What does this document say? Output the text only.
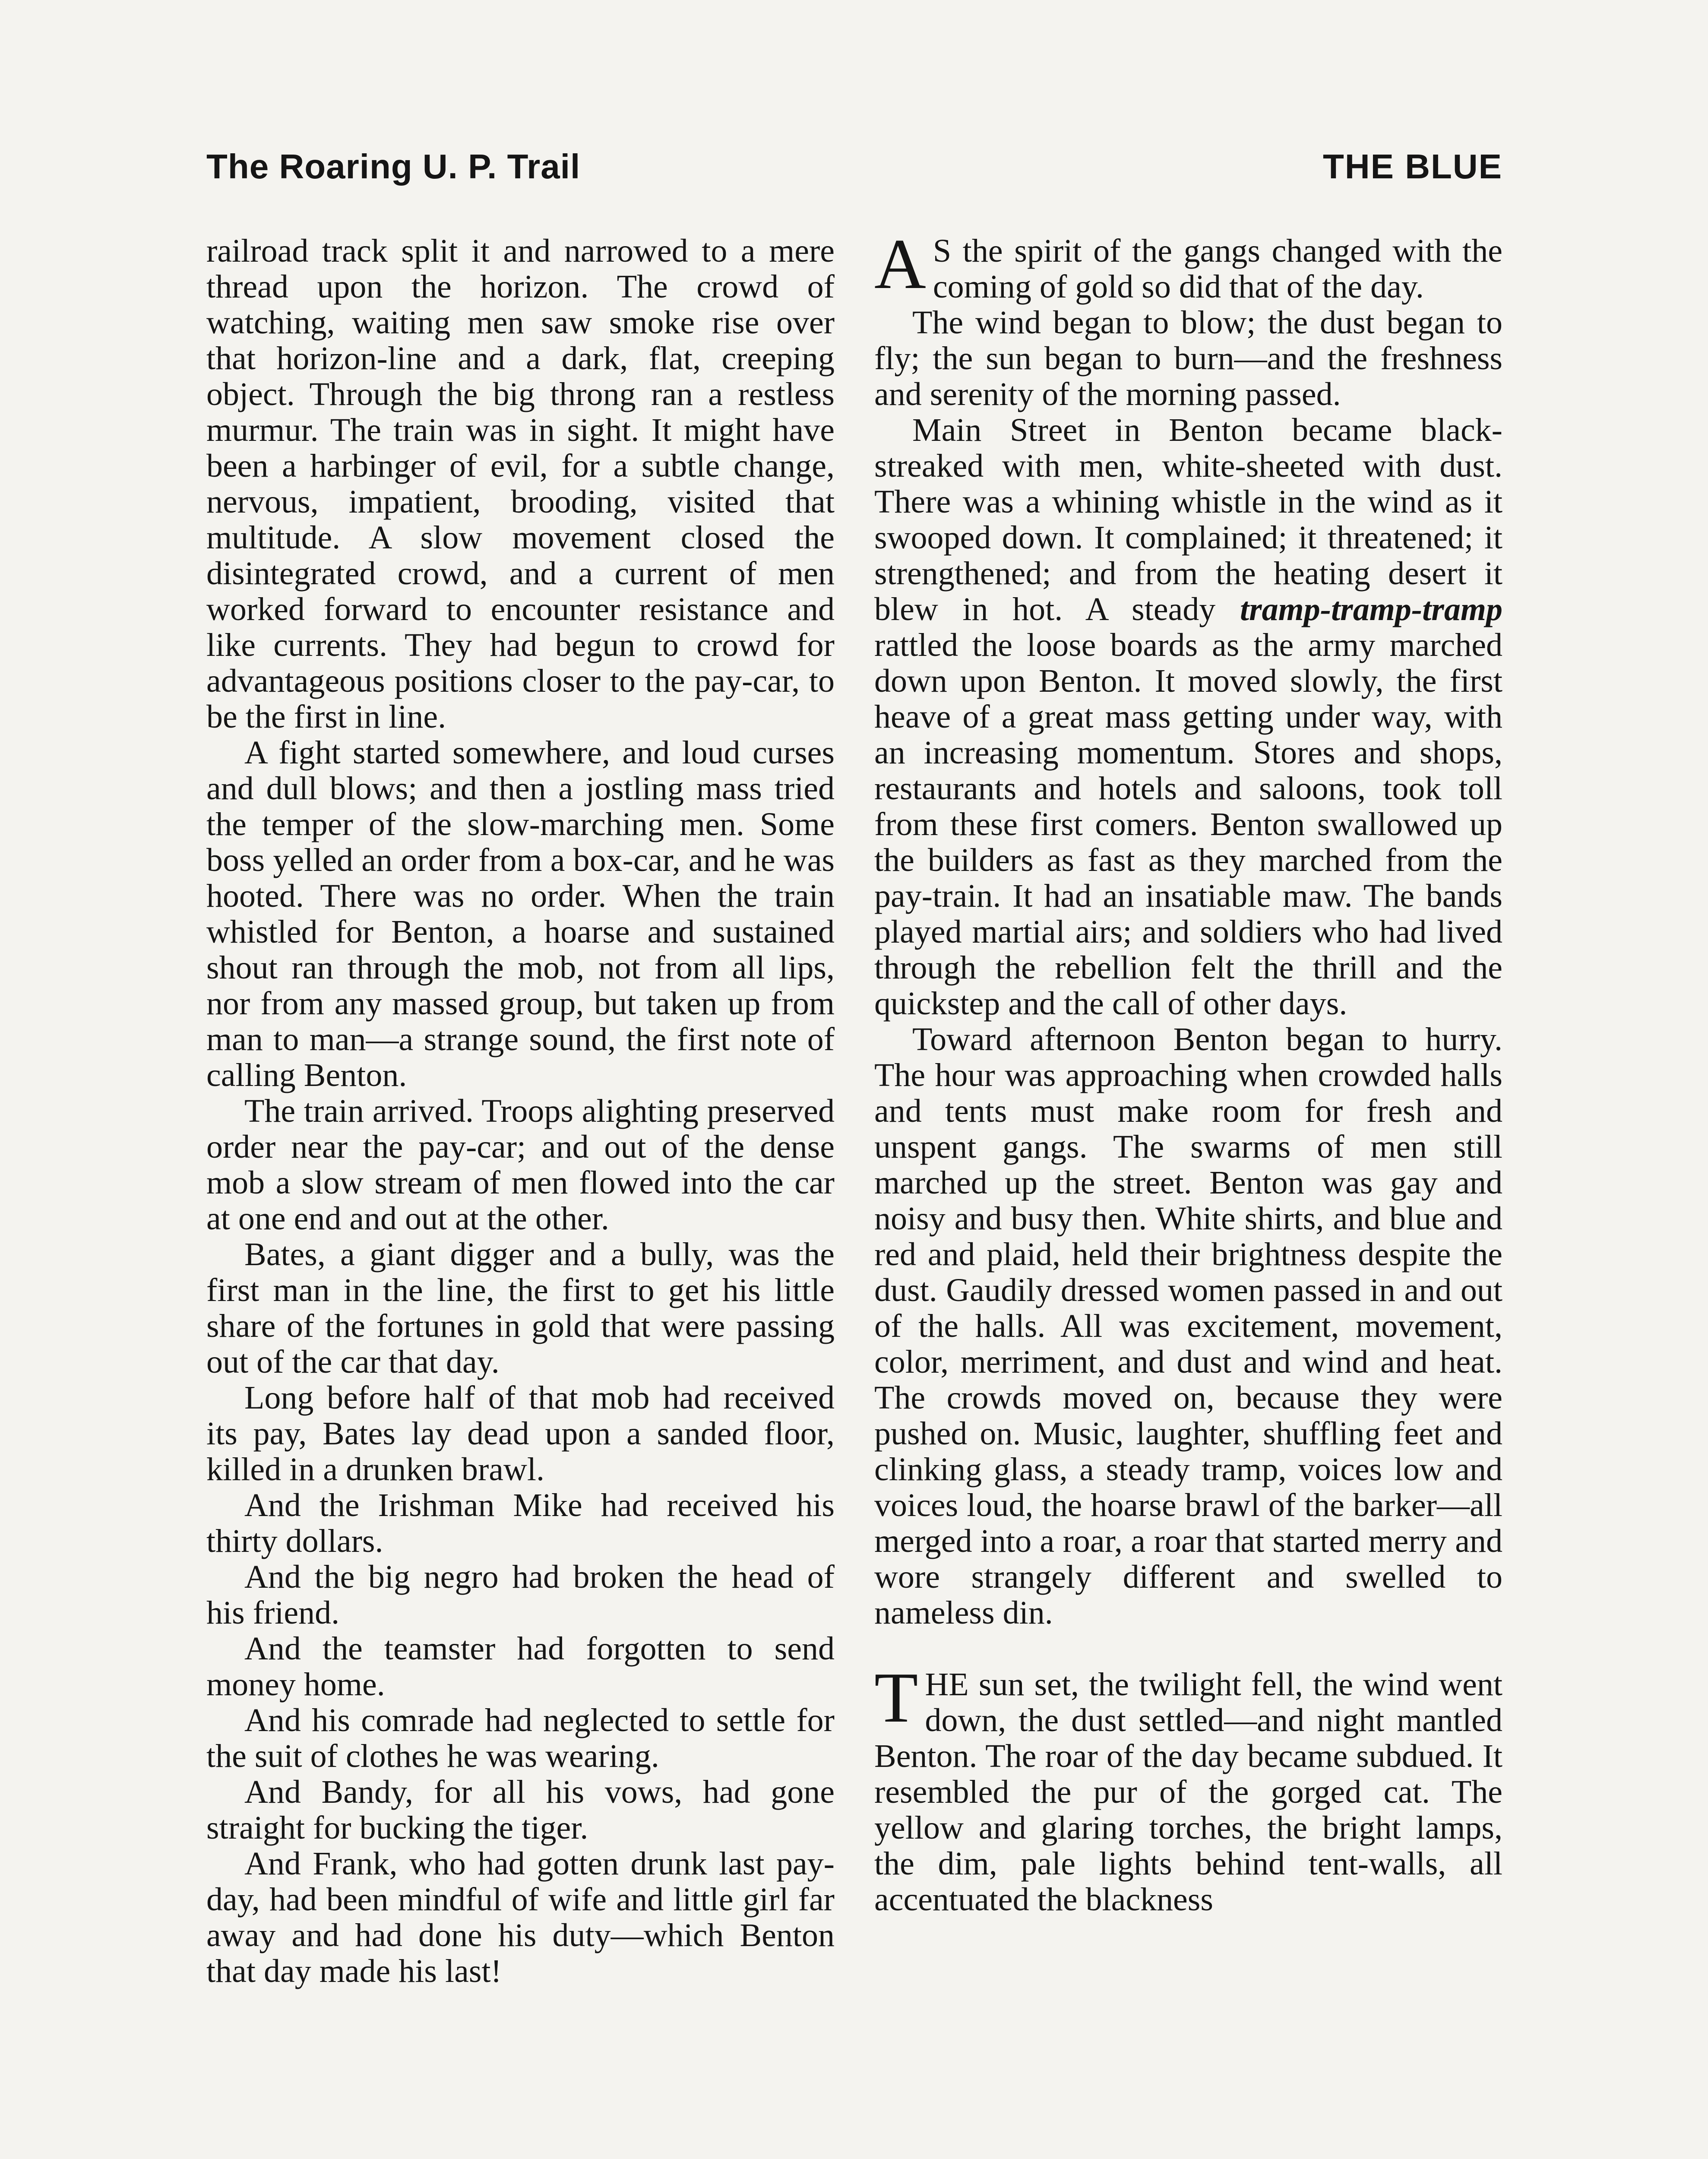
The Roaring U. P. Trail	THE BLUE

railroad track split it and narrowed to a mere thread upon the horizon. The crowd of watching, waiting men saw smoke rise over that horizon-line and a dark, flat, creeping object. Through the big throng ran a restless murmur. The train was in sight. It might have been a harbinger of evil, for a subtle change, nervous, impatient, brooding, visited that multitude. A slow movement closed the disintegrated crowd, and a current of men worked forward to encounter resistance and like currents. They had begun to crowd for advantageous positions closer to the pay-car, to be the first in line.

A fight started somewhere, and loud curses and dull blows; and then a jostling mass tried the temper of the slow-marching men. Some boss yelled an order from a box-car, and he was hooted. There was no order. When the train whistled for Benton, a hoarse and sustained shout ran through the mob, not from all lips, nor from any massed group, but taken up from man to man—a strange sound, the first note of calling Benton.

The train arrived. Troops alighting preserved order near the pay-car; and out of the dense mob a slow stream of men flowed into the car at one end and out at the other.

Bates, a giant digger and a bully, was the first man in the line, the first to get his little share of the fortunes in gold that were passing out of the car that day.

Long before half of that mob had received its pay, Bates lay dead upon a sanded floor, killed in a drunken brawl.

And the Irishman Mike had received his thirty dollars.

And the big negro had broken the head of his friend.

And the teamster had forgotten to send money home.

And his comrade had neglected to settle for the suit of clothes he was wearing.

And Bandy, for all his vows, had gone straight for bucking the tiger.

And Frank, who had gotten drunk last pay-day, had been mindful of wife and little girl far away and had done his duty—which Benton that day made his last!

A S the spirit of the gangs changed with the coming of gold so did that of the day.

The wind began to blow; the dust began to fly; the sun began to burn—and the freshness and serenity of the morning passed.

Main Street in Benton became black-streaked with men, white-sheeted with dust. There was a whining whistle in the wind as it swooped down. It complained; it threatened; it strengthened; and from the heating desert it blew in hot. A steady tramp-tramp-tramp rattled the loose boards as the army marched down upon Benton. It moved slowly, the first heave of a great mass getting under way, with an increasing momentum. Stores and shops, restaurants and hotels and saloons, took toll from these first comers. Benton swallowed up the builders as fast as they marched from the pay-train. It had an insatiable maw. The bands played martial airs; and soldiers who had lived through the rebellion felt the thrill and the quickstep and the call of other days.

Toward afternoon Benton began to hurry. The hour was approaching when crowded halls and tents must make room for fresh and unspent gangs. The swarms of men still marched up the street. Benton was gay and noisy and busy then. White shirts, and blue and red and plaid, held their brightness despite the dust. Gaudily dressed women passed in and out of the halls. All was excitement, movement, color, merriment, and dust and wind and heat. The crowds moved on, because they were pushed on. Music, laughter, shuffling feet and clinking glass, a steady tramp, voices low and voices loud, the hoarse brawl of the barker—all merged into a roar, a roar that started merry and wore strangely different and swelled to nameless din.

THE sun set, the twilight fell, the wind went down, the dust settled—and night mantled Benton. The roar of the day became subdued. It resembled the pur of the gorged cat. The yellow and glaring torches, the bright lamps, the dim, pale lights behind tent-walls, all accentuated the blackness
